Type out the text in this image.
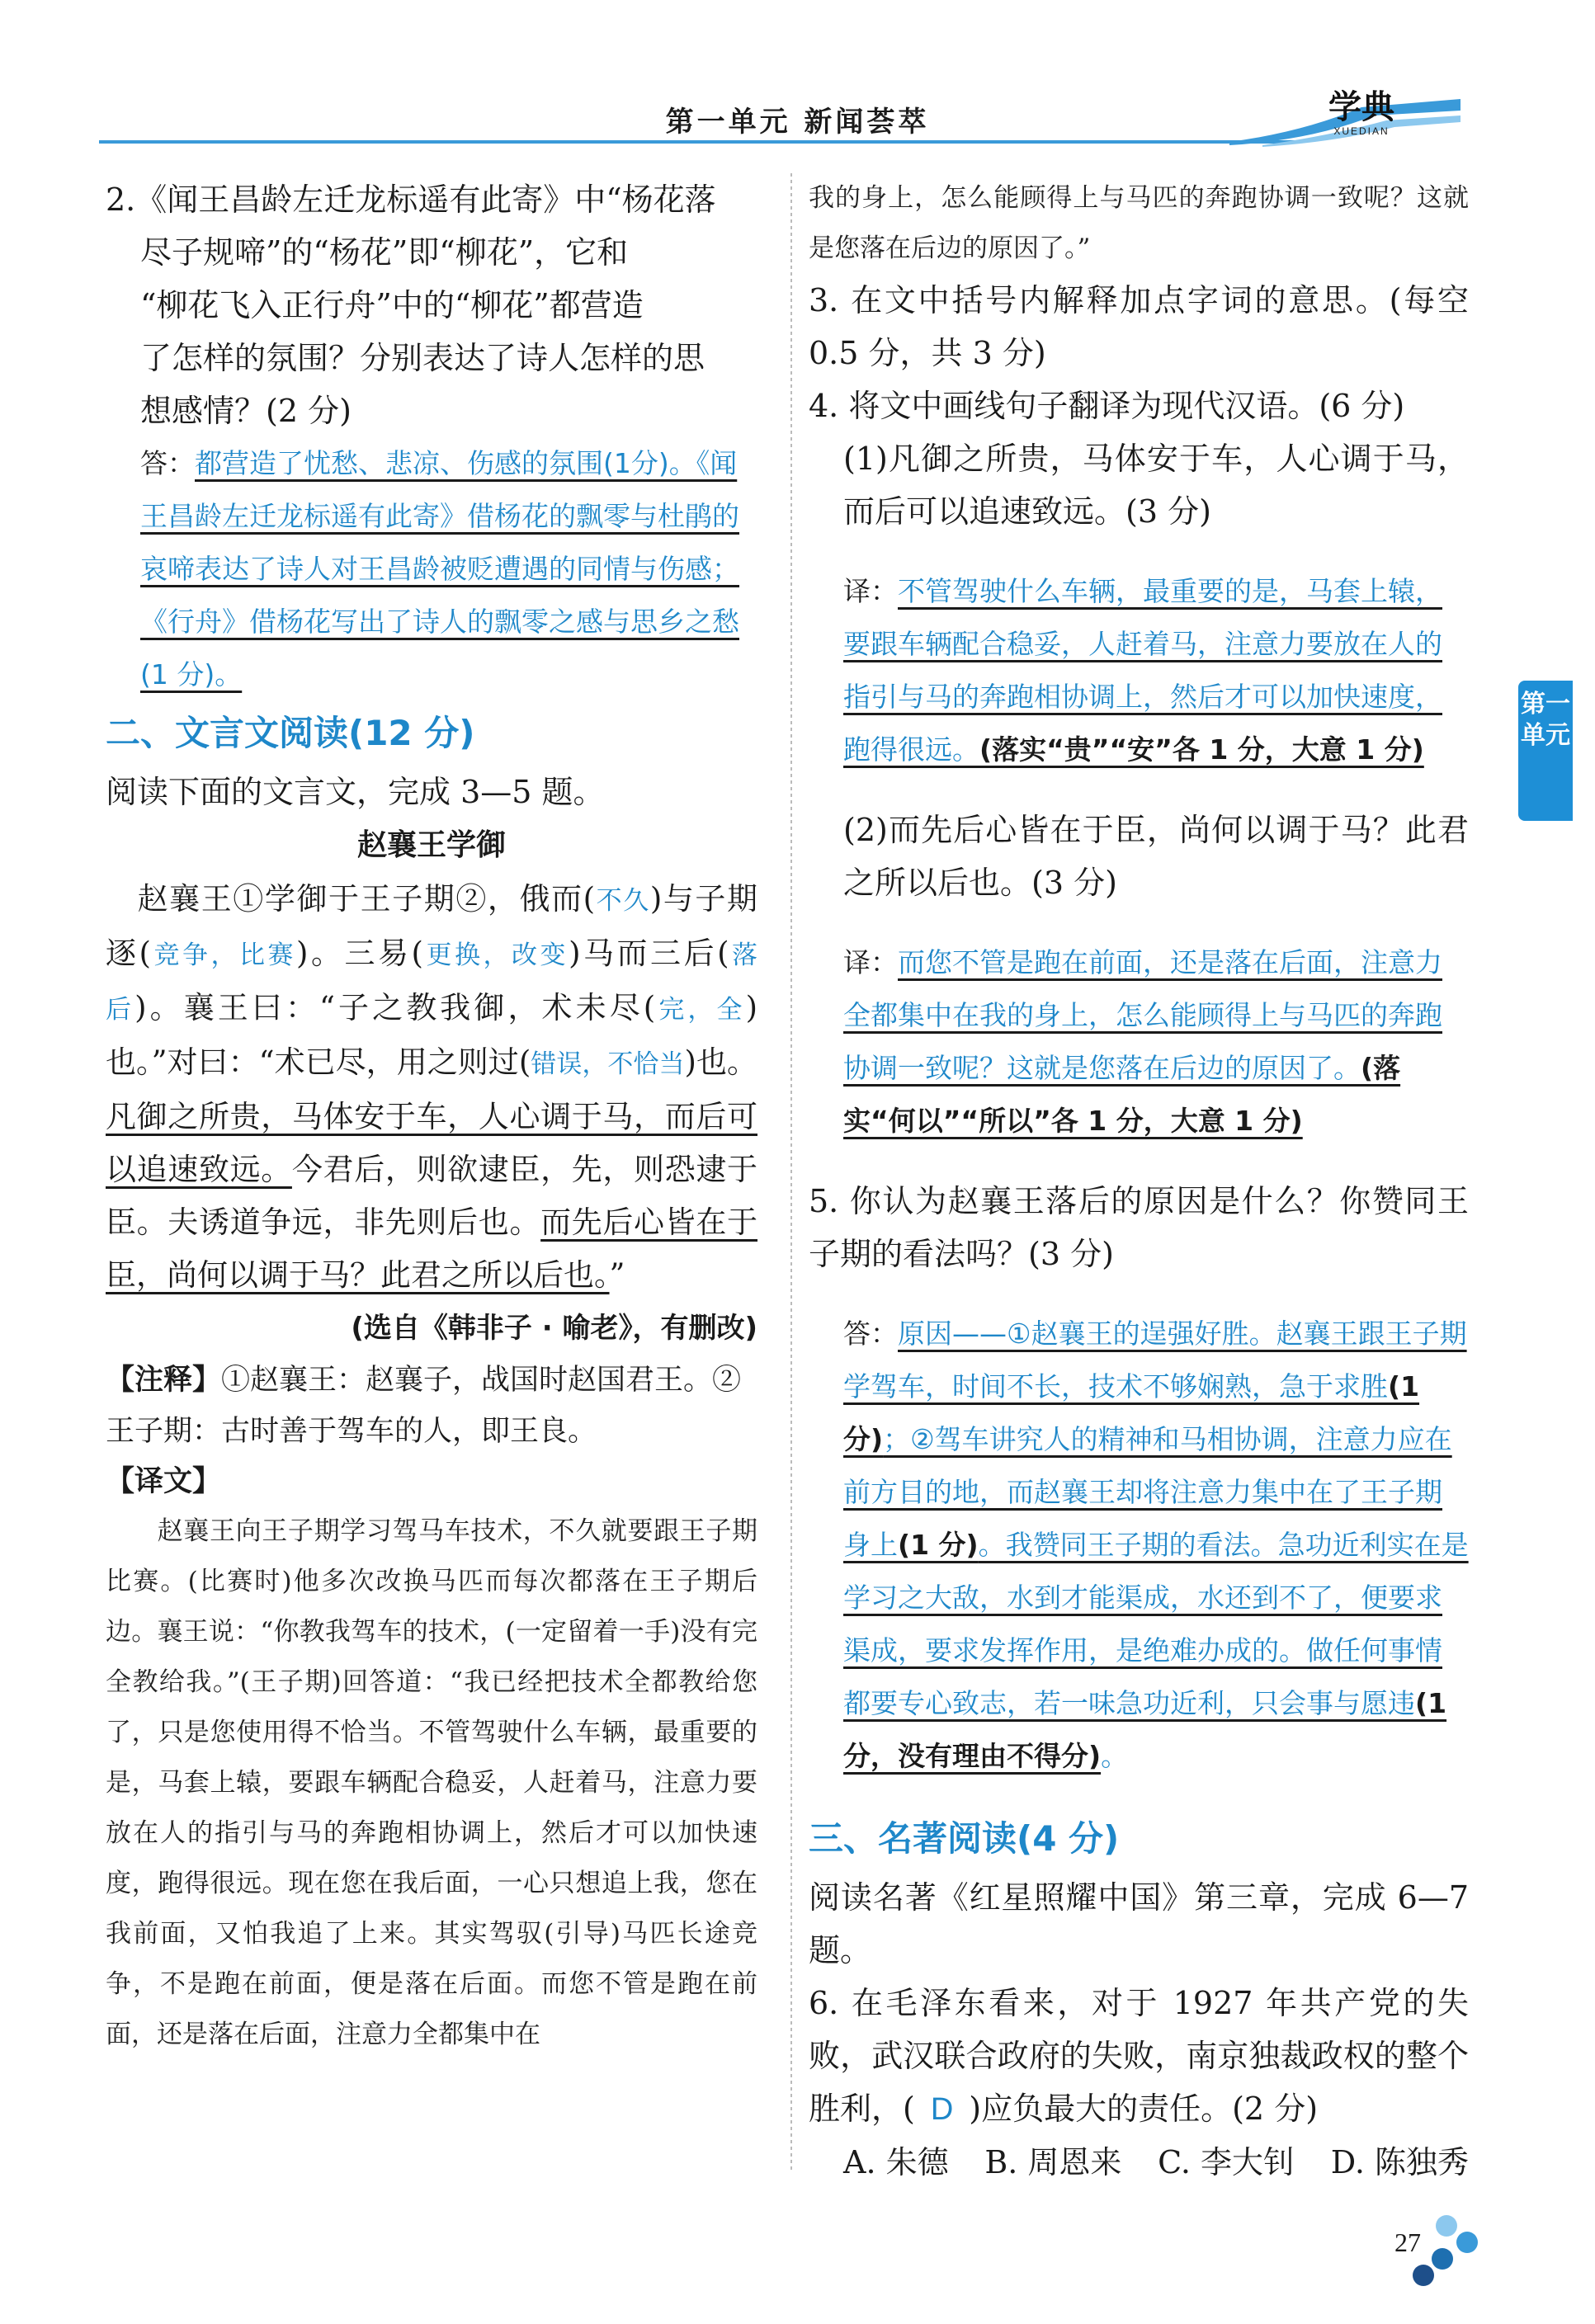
第一单元 新闻荟萃	学典
XUEDIAN
第一单元

2.《闻王昌龄左迁龙标遥有此寄》中“杨花落

尽子规啼”的“杨花”即“柳花”，它和

“柳花飞入正行舟”中的“柳花”都营造

了怎样的氛围？分别表达了诗人怎样的思

想感情？(2 分)

答：都营造了忧愁、悲凉、伤感的氛围(1分)。《闻王昌龄左迁龙标遥有此寄》借杨花的飘零与杜鹃的哀啼表达了诗人对王昌龄被贬遭遇的同情与伤感；《行舟》借杨花写出了诗人的飘零之感与思乡之愁(1 分)。

二、文言文阅读(12 分)

阅读下面的文言文，完成 3—5 题。

赵襄王学御

 赵襄王①学御于王子期②，俄而(不久)与子期逐(竞争，比赛)。三易(更换，改变)马而三后(落后)。襄王曰：“子之教我御，术未尽(完，全)也。”对曰：“术已尽，用之则过(错误，不恰当)也。凡御之所贵，马体安于车，人心调于马，而后可以追速致远。今君后，则欲逮臣，先，则恐逮于臣。夫诱道争远，非先则后也。而先后心皆在于臣，尚何以调于马？此君之所以后也。”

(选自《韩非子 · 喻老》，有删改)

【注释】①赵襄王：赵襄子，战国时赵国君王。②王子期：古时善于驾车的人，即王良。

【译文】

  赵襄王向王子期学习驾马车技术，不久就要跟王子期比赛。(比赛时)他多次改换马匹而每次都落在王子期后边。襄王说：“你教我驾车的技术，(一定留着一手)没有完全教给我。”(王子期)回答道：“我已经把技术全都教给您了，只是您使用得不恰当。不管驾驶什么车辆，最重要的是，马套上辕，要跟车辆配合稳妥，人赶着马，注意力要放在人的指引与马的奔跑相协调上，然后才可以加快速度，跑得很远。现在您在我后面，一心只想追上我，您在我前面，又怕我追了上来。其实驾驭(引导)马匹长途竞争，不是跑在前面，便是落在后面。而您不管是跑在前面，还是落在后面，注意力全都集中在

我的身上，怎么能顾得上与马匹的奔跑协调一致呢？这就是您落在后边的原因了。”

3. 在文中括号内解释加点字词的意思。(每空 0.5 分，共 3 分)

4. 将文中画线句子翻译为现代汉语。(6 分)

(1)凡御之所贵，马体安于车，人心调于马，而后可以追速致远。(3 分)

译：不管驾驶什么车辆，最重要的是，马套上辕，要跟车辆配合稳妥，人赶着马，注意力要放在人的指引与马的奔跑相协调上，然后才可以加快速度，跑得很远。(落实“贵”“安”各 1 分，大意 1 分)

(2)而先后心皆在于臣，尚何以调于马？此君之所以后也。(3 分)

译：而您不管是跑在前面，还是落在后面，注意力全都集中在我的身上，怎么能顾得上与马匹的奔跑协调一致呢？这就是您落在后边的原因了。(落实“何以”“所以”各 1 分，大意 1 分)

5. 你认为赵襄王落后的原因是什么？你赞同王子期的看法吗？(3 分)

答：原因——①赵襄王的逞强好胜。赵襄王跟王子期学驾车，时间不长，技术不够娴熟，急于求胜(1 分)；②驾车讲究人的精神和马相协调，注意力应在前方目的地，而赵襄王却将注意力集中在了王子期身上(1 分)。我赞同王子期的看法。急功近利实在是学习之大敌，水到才能渠成，水还到不了，便要求渠成，要求发挥作用，是绝难办成的。做任何事情都要专心致志，若一味急功近利，只会事与愿违(1 分，没有理由不得分)。

三、名著阅读(4 分)

阅读名著《红星照耀中国》第三章，完成 6—7 题。

6. 在毛泽东看来，对于 1927 年共产党的失败，武汉联合政府的失败，南京独裁政权的整个胜利，(  D  )应负最大的责任。(2 分)

A. 朱德 B. 周恩来 C. 李大钊 D. 陈独秀
27
